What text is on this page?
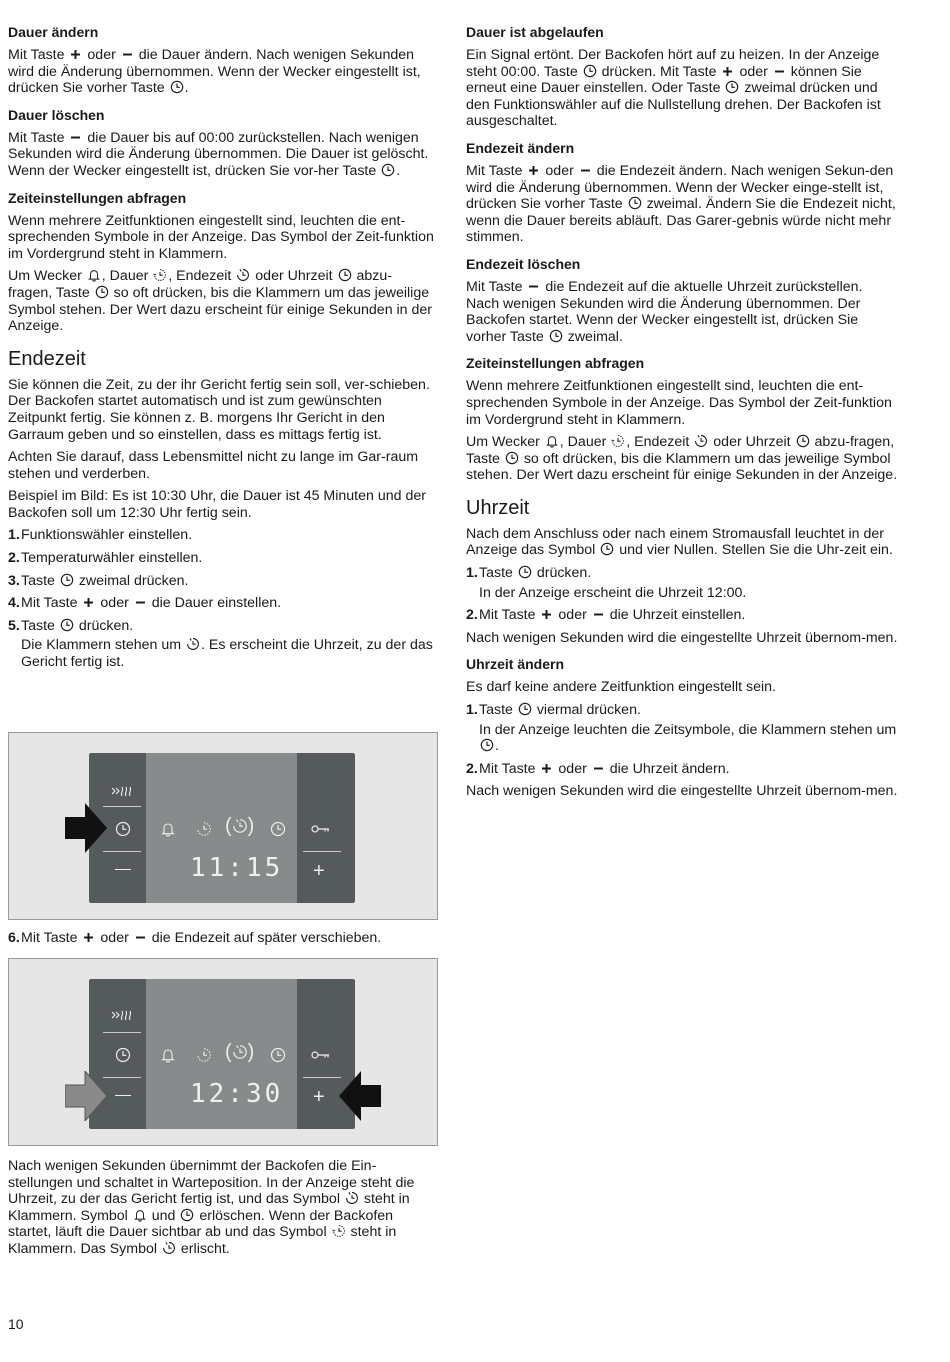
Dauer ändern

Mit Taste oder die Dauer ändern. Nach wenigen Sekunden wird die Änderung übernommen. Wenn der Wecker eingestellt ist, drücken Sie vorher Taste .

Dauer löschen

Mit Taste die Dauer bis auf 00:00 zurückstellen. Nach wenigen Sekunden wird die Änderung übernommen. Die Dauer ist gelöscht. Wenn der Wecker eingestellt ist, drücken Sie vor-her Taste .

Zeiteinstellungen abfragen

Wenn mehrere Zeitfunktionen eingestellt sind, leuchten die ent-sprechenden Symbole in der Anzeige. Das Symbol der Zeit-funktion im Vordergrund steht in Klammern.

Um Wecker , Dauer , Endezeit oder Uhrzeit abzu-fragen, Taste so oft drücken, bis die Klammern um das jeweilige Symbol stehen. Der Wert dazu erscheint für einige Sekunden in der Anzeige.

Endezeit

Sie können die Zeit, zu der ihr Gericht fertig sein soll, ver-schieben. Der Backofen startet automatisch und ist zum gewünschten Zeitpunkt fertig. Sie können z. B. morgens Ihr Gericht in den Garraum geben und so einstellen, dass es mittags fertig ist.

Achten Sie darauf, dass Lebensmittel nicht zu lange im Gar-raum stehen und verderben.

Beispiel im Bild: Es ist 10:30 Uhr, die Dauer ist 45 Minuten und der Backofen soll um 12:30 Uhr fertig sein.

1. Funktionswähler einstellen.
2. Temperaturwähler einstellen.
3. Taste zweimal drücken.
4. Mit Taste oder die Dauer einstellen.
5. Taste drücken.
Die Klammern stehen um . Es erscheint die Uhrzeit, zu der das Gericht fertig ist.
( )
11:15 +
6. Mit Taste oder die Endezeit auf später verschieben.
( )
12:30 +

Nach wenigen Sekunden übernimmt der Backofen die Ein-stellungen und schaltet in Warteposition. In der Anzeige steht die Uhrzeit, zu der das Gericht fertig ist, und das Symbol steht in Klammern. Symbol und erlöschen. Wenn der Backofen startet, läuft die Dauer sichtbar ab und das Symbol steht in Klammern. Das Symbol erlischt.

Dauer ist abgelaufen

Ein Signal ertönt. Der Backofen hört auf zu heizen. In der Anzeige steht 00:00. Taste drücken. Mit Taste oder können Sie erneut eine Dauer einstellen. Oder Taste zweimal drücken und den Funktionswähler auf die Nullstellung drehen. Der Backofen ist ausgeschaltet.

Endezeit ändern

Mit Taste oder die Endezeit ändern. Nach wenigen Sekun-den wird die Änderung übernommen. Wenn der Wecker einge-stellt ist, drücken Sie vorher Taste zweimal. Ändern Sie die Endezeit nicht, wenn die Dauer bereits abläuft. Das Garer-gebnis würde nicht mehr stimmen.

Endezeit löschen

Mit Taste die Endezeit auf die aktuelle Uhrzeit zurückstellen. Nach wenigen Sekunden wird die Änderung übernommen. Der Backofen startet. Wenn der Wecker eingestellt ist, drücken Sie vorher Taste zweimal.

Zeiteinstellungen abfragen

Wenn mehrere Zeitfunktionen eingestellt sind, leuchten die ent-sprechenden Symbole in der Anzeige. Das Symbol der Zeit-funktion im Vordergrund steht in Klammern.

Um Wecker , Dauer , Endezeit oder Uhrzeit abzu-fragen, Taste so oft drücken, bis die Klammern um das jeweilige Symbol stehen. Der Wert dazu erscheint für einige Sekunden in der Anzeige.

Uhrzeit

Nach dem Anschluss oder nach einem Stromausfall leuchtet in der Anzeige das Symbol und vier Nullen. Stellen Sie die Uhr-zeit ein.

1. Taste drücken.
In der Anzeige erscheint die Uhrzeit 12:00.
2. Mit Taste oder die Uhrzeit einstellen.

Nach wenigen Sekunden wird die eingestellte Uhrzeit übernom-men.

Uhrzeit ändern

Es darf keine andere Zeitfunktion eingestellt sein.

1. Taste viermal drücken.
In der Anzeige leuchten die Zeitsymbole, die Klammern stehen um .
2. Mit Taste oder die Uhrzeit ändern.

Nach wenigen Sekunden wird die eingestellte Uhrzeit übernom-men.

10
